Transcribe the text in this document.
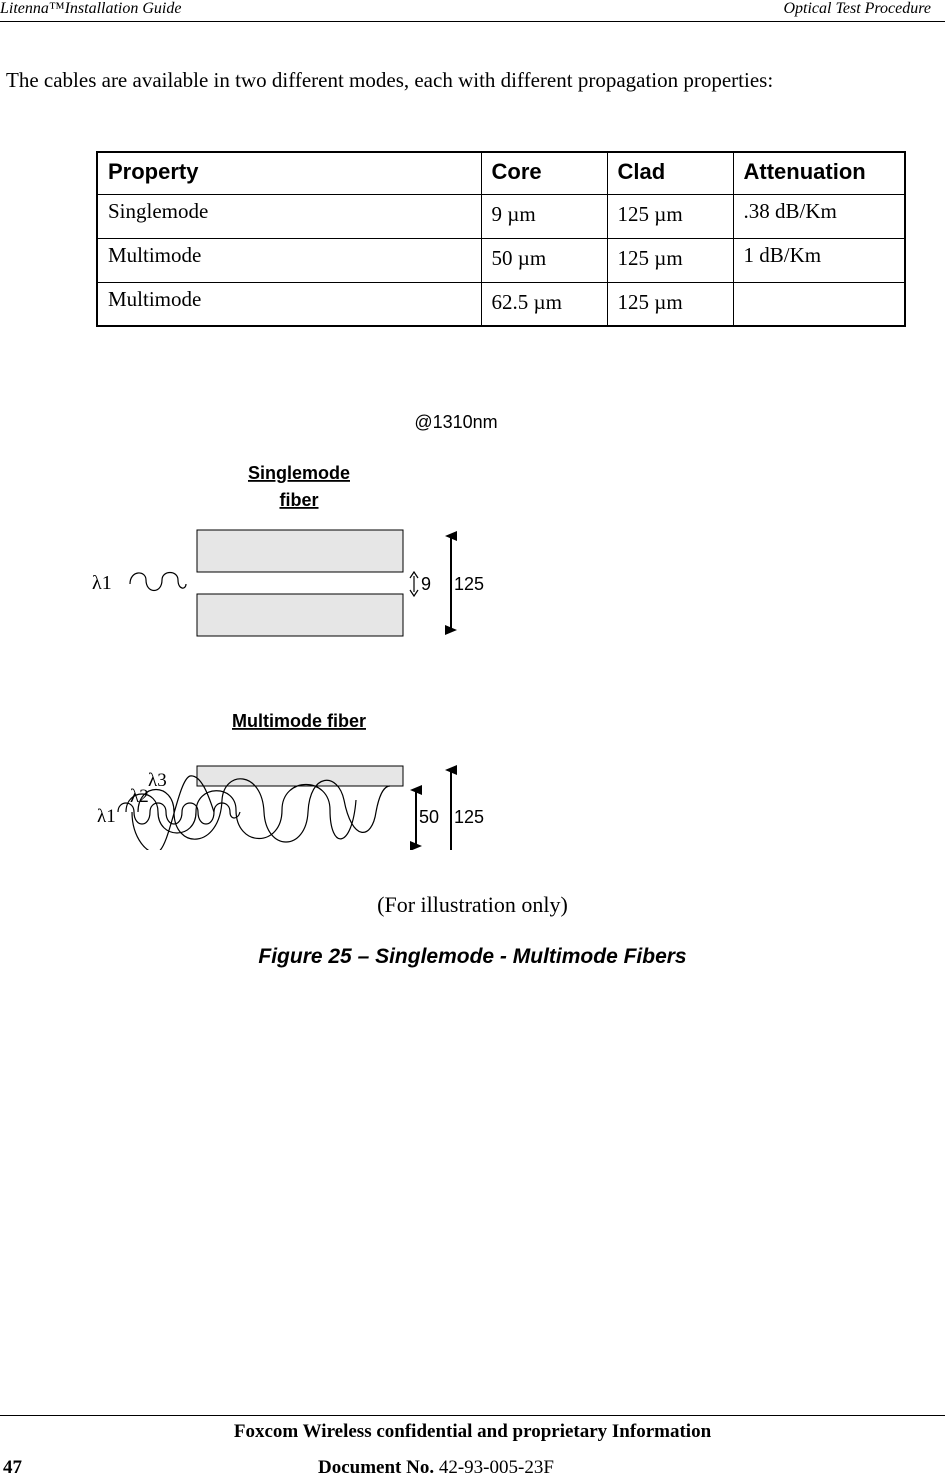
Litenna™Installation Guide	Optical Test Procedure
The cables are available in two different modes, each with different propagation properties:
Property	Core	Clad	Attenuation
Singlemode	9 µm	125 µm	.38 dB/Km
Multimode	50 µm	125 µm	1 dB/Km
Multimode	62.5 µm	125 µm	
@1310nm
Singlemode
fiber
λ1	9 125
Multimode fiber
λ1
λ2
λ3
50 125
(For illustration only)
Figure 25 – Singlemode - Multimode Fibers
Foxcom Wireless confidential and proprietary Information
47	Document No. 42-93-005-23F
